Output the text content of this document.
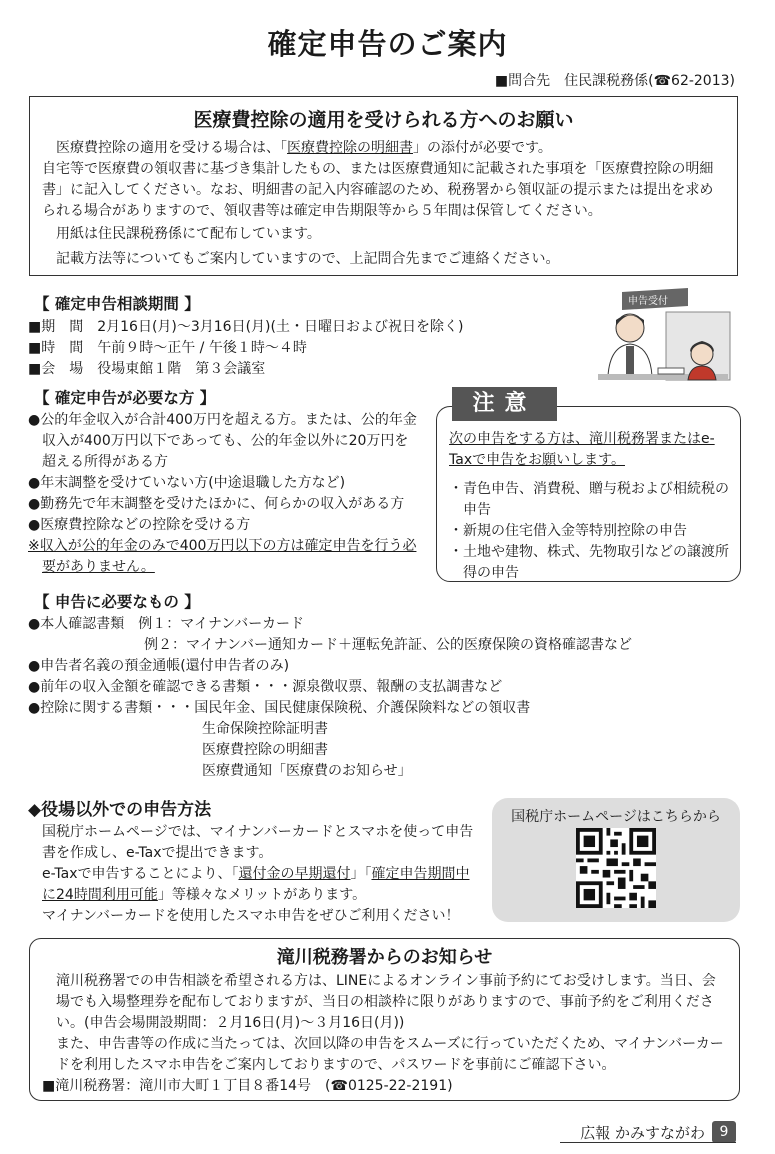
確定申告のご案内
■問合先　住民課税務係(☎62-2013)
医療費控除の適用を受けられる方へのお願い
医療費控除の適用を受ける場合は、「医療費控除の明細書」の添付が必要です。
自宅等で医療費の領収書に基づき集計したもの、または医療費通知に記載された事項を「医療費控除の明細書」に記入してください。なお、明細書の記入内容確認のため、税務署から領収証の提示または提出を求められる場合がありますので、領収書等は確定申告期限等から５年間は保管してください。
用紙は住民課税務係にて配布しています。
記載方法等についてもご案内していますので、上記問合先までご連絡ください。
【 確定申告相談期間 】
■期　間　2月16日(月)～3月16日(月)(土・日曜日および祝日を除く)
■時　間　午前９時～正午 / 午後１時～４時
■会　場　役場東館１階　第３会議室
申告受付
【 確定申告が必要な方 】
●公的年金収入が合計400万円を超える方。または、公的年金収入が400万円以下であっても、公的年金以外に20万円を超える所得がある方
●年末調整を受けていない方(中途退職した方など)
●勤務先で年末調整を受けたほかに、何らかの収入がある方
●医療費控除などの控除を受ける方
※収入が公的年金のみで400万円以下の方は確定申告を行う必要がありません。
次の申告をする方は、滝川税務署またはe-Taxで申告をお願いします。
・青色申告、消費税、贈与税および相続税の申告
・新規の住宅借入金等特別控除の申告
・土地や建物、株式、先物取引などの譲渡所得の申告
注意
【 申告に必要なもの 】
●本人確認書類　 例１：マイナンバーカード
例２：マイナンバー通知カード＋運転免許証、公的医療保険の資格確認書など
●申告者名義の預金通帳(還付申告者のみ)
●前年の収入金額を確認できる書類・・・源泉徴収票、報酬の支払調書など
●控除に関する書類・・・国民年金、国民健康保険税、介護保険料などの領収書
生命保険控除証明書
医療費控除の明細書
医療費通知「医療費のお知らせ」
◆役場以外での申告方法
国税庁ホームページでは、マイナンバーカードとスマホを使って申告書を作成し、e-Taxで提出できます。
e-Taxで申告することにより、「還付金の早期還付」「確定申告期間中に24時間利用可能」等様々なメリットがあります。
マイナンバーカードを使用したスマホ申告をぜひご利用ください！
国税庁ホームページはこちらから
滝川税務署からのお知らせ
滝川税務署での申告相談を希望される方は、LINEによるオンライン事前予約にてお受けします。当日、会場でも入場整理券を配布しておりますが、当日の相談枠に限りがありますので、事前予約をご利用ください。(申告会場開設期間：２月16日(月)～３月16日(月))
また、申告書等の作成に当たっては、次回以降の申告をスムーズに行っていただくため、マイナンバーカードを利用したスマホ申告をご案内しておりますので、パスワードを事前にご確認下さい。
■滝川税務署：滝川市大町１丁目８番14号　(☎0125-22-2191)
広報 かみすながわ	9
